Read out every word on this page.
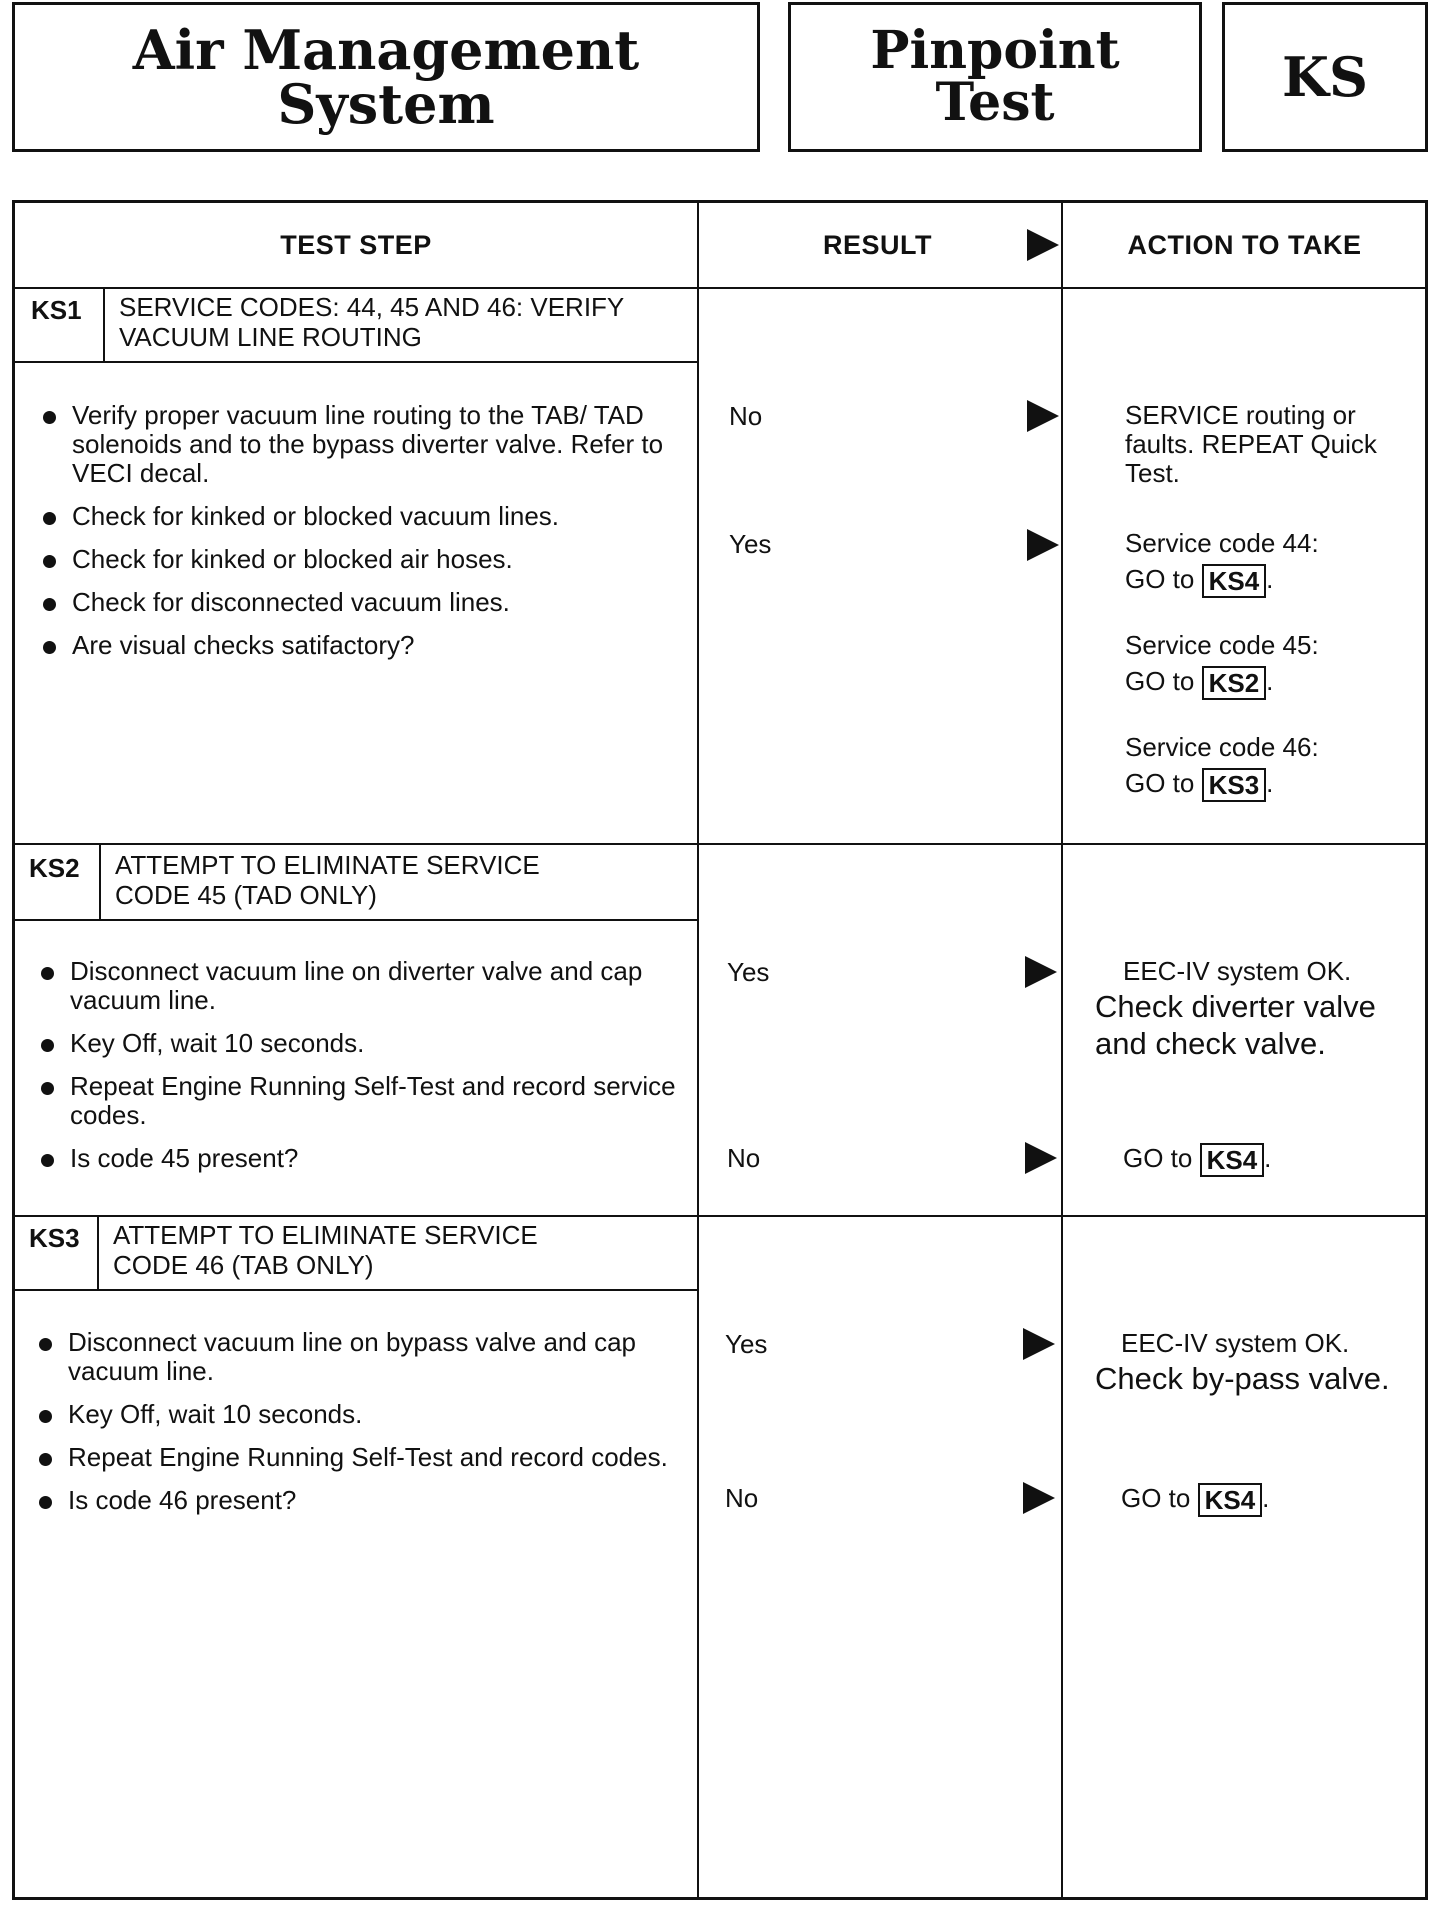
Air Management System
Pinpoint
Test	KS
TEST STEP	RESULT	ACTION TO TAKE
KS1 SERVICE CODES: 44, 45 AND 46: VERIFY
VACUUM LINE ROUTING
Verify proper vacuum line routing to the TAB/ TAD solenoids and to the bypass diverter valve. Refer to VECI decal.
Check for kinked or blocked vacuum lines.
Check for kinked or blocked air hoses.
Check for disconnected vacuum lines.
Are visual checks satifactory?
No	SERVICE routing or
faults. REPEAT Quick
Test.
Yes	Service code 44:
GO to KS4 .
Service code 45:
GO to KS2 .
Service code 46:
GO to KS3 .
KS2 ATTEMPT TO ELIMINATE SERVICE
CODE 45 (TAD ONLY)
Disconnect vacuum line on diverter valve and cap vacuum line.
Key Off, wait 10 seconds.
Repeat Engine Running Self-Test and record service codes.
Is code 45 present?
Yes	EEC-IV system OK.
Check diverter valve
and check valve.
No	GO to KS4 .
KS3 ATTEMPT TO ELIMINATE SERVICE
CODE 46 (TAB ONLY)
Disconnect vacuum line on bypass valve and cap vacuum line.
Key Off, wait 10 seconds.
Repeat Engine Running Self-Test and record codes.
Is code 46 present?
Yes	EEC-IV system OK.
Check by-pass valve.
No	GO to KS4 .
